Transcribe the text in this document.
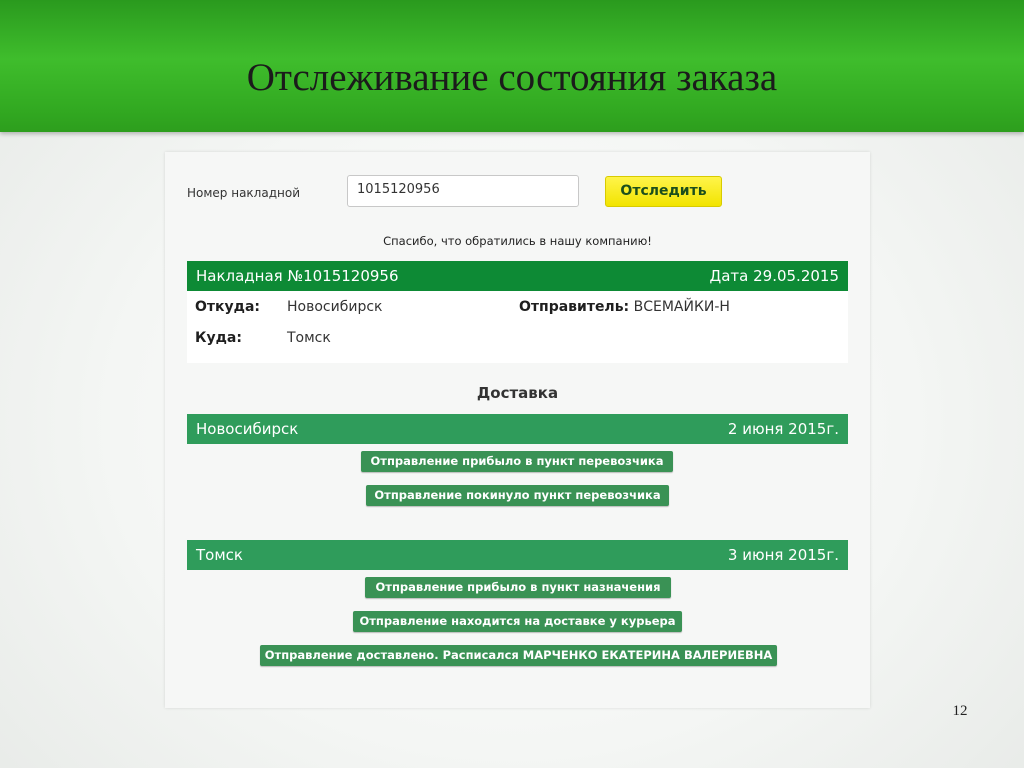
Отслеживание состояния заказа
Номер накладной	1015120956	Отследить
Спасибо, что обратились в нашу компанию!
Накладная №1015120956	Дата 29.05.2015
Откуда: Новосибирск
Куда:	Томск
Отправитель: ВСЕМАЙКИ-Н
Доставка
Новосибирск	2 июня 2015г.
Отправление прибыло в пункт перевозчика
Отправление покинуло пункт перевозчика
Томск	3 июня 2015г.
Отправление прибыло в пункт назначения
Отправление находится на доставке у курьера
Отправление доставлено. Расписался МАРЧЕНКО ЕКАТЕРИНА ВАЛЕРИЕВНА
12
